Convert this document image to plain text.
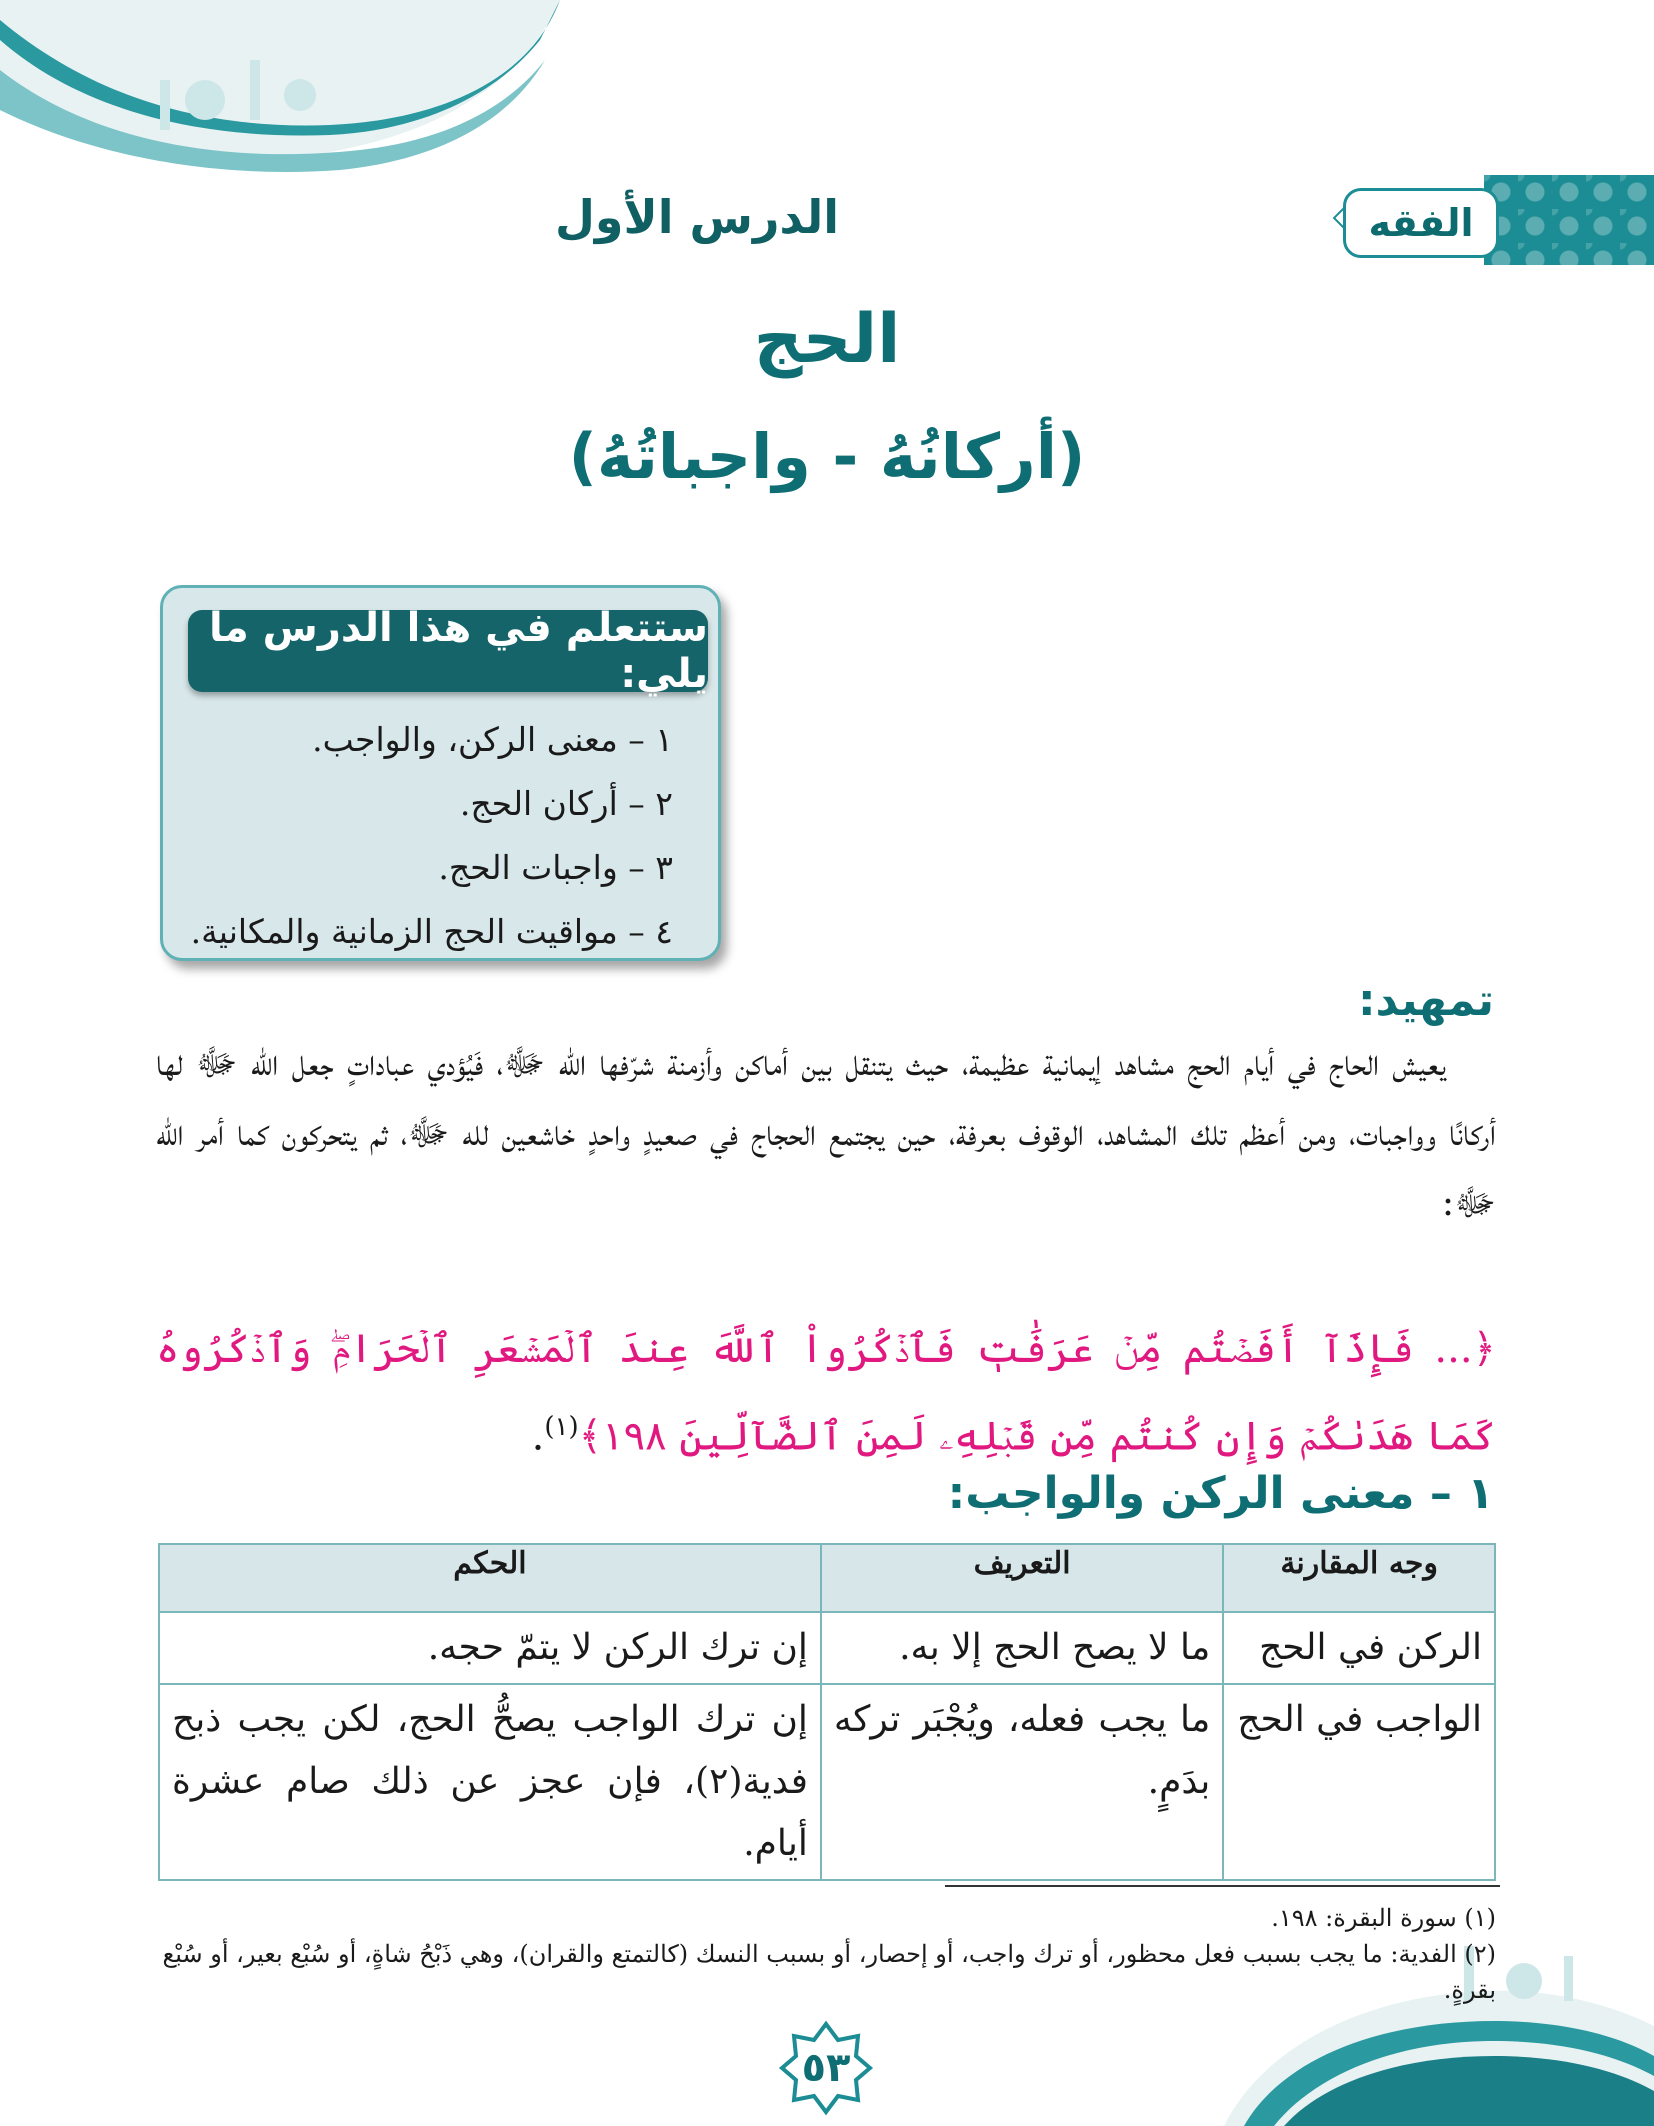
الفقه
الدرس الأول
الحج
(أركانُهُ - واجباتُهُ)
ستتعلم في هذا الدرس ما يلي:
١ – معنى الركن، والواجب.
٢ – أركان الحج.
٣ – واجبات الحج.
٤ – مواقيت الحج الزمانية والمكانية.
تمهيد:

يعيش الحاج في أيام الحج مشاهد إيمانية عظيمة، حيث يتنقل بين أماكن وأزمنة شرّفها الله ﷻ، فَيُؤدي عباداتٍ جعل الله ﷻ لها أركانًا وواجبات، ومن أعظم تلك المشاهد، الوقوف بعرفة، حين يجتمع الحجاج في صعيدٍ واحدٍ خاشعين لله ﷻ، ثم يتحركون كما أمر الله ﷻ:

﴿... فَإِذَآ أَفَضۡتُم مِّنۡ عَرَفَٰتٖ فَٱذۡكُرُواْ ٱللَّهَ عِندَ ٱلۡمَشۡعَرِ ٱلۡحَرَامِۖ وَٱذۡكُرُوهُ كَمَا هَدَىٰكُمۡ وَإِن كُنتُم مِّن قَبۡلِهِۦ لَمِنَ ٱلضَّآلِّينَ ١٩٨﴾$^{(١)}$.

١ – معنى الركن والواجب:
وجه المقارنة	التعريف	الحكم
الركن في الحج	ما لا يصح الحج إلا به.	إن ترك الركن لا يتمّ حجه.
الواجب في الحج	ما يجب فعله، ويُجْبَر تركه بدَمٍ.	إن ترك الواجب يصحُّ الحج، لكن يجب ذبح فدية(٢)، فإن عجز عن ذلك صام عشرة أيام.
(١) سورة البقرة: ١٩٨.
(٢) الفدية: ما يجب بسبب فعل محظور، أو ترك واجب، أو إحصار، أو بسبب النسك (كالتمتع والقران)، وهي ذَبْحُ شاةٍ، أو سُبْع بعير، أو سُبْع بقرةٍ.
٥٣
